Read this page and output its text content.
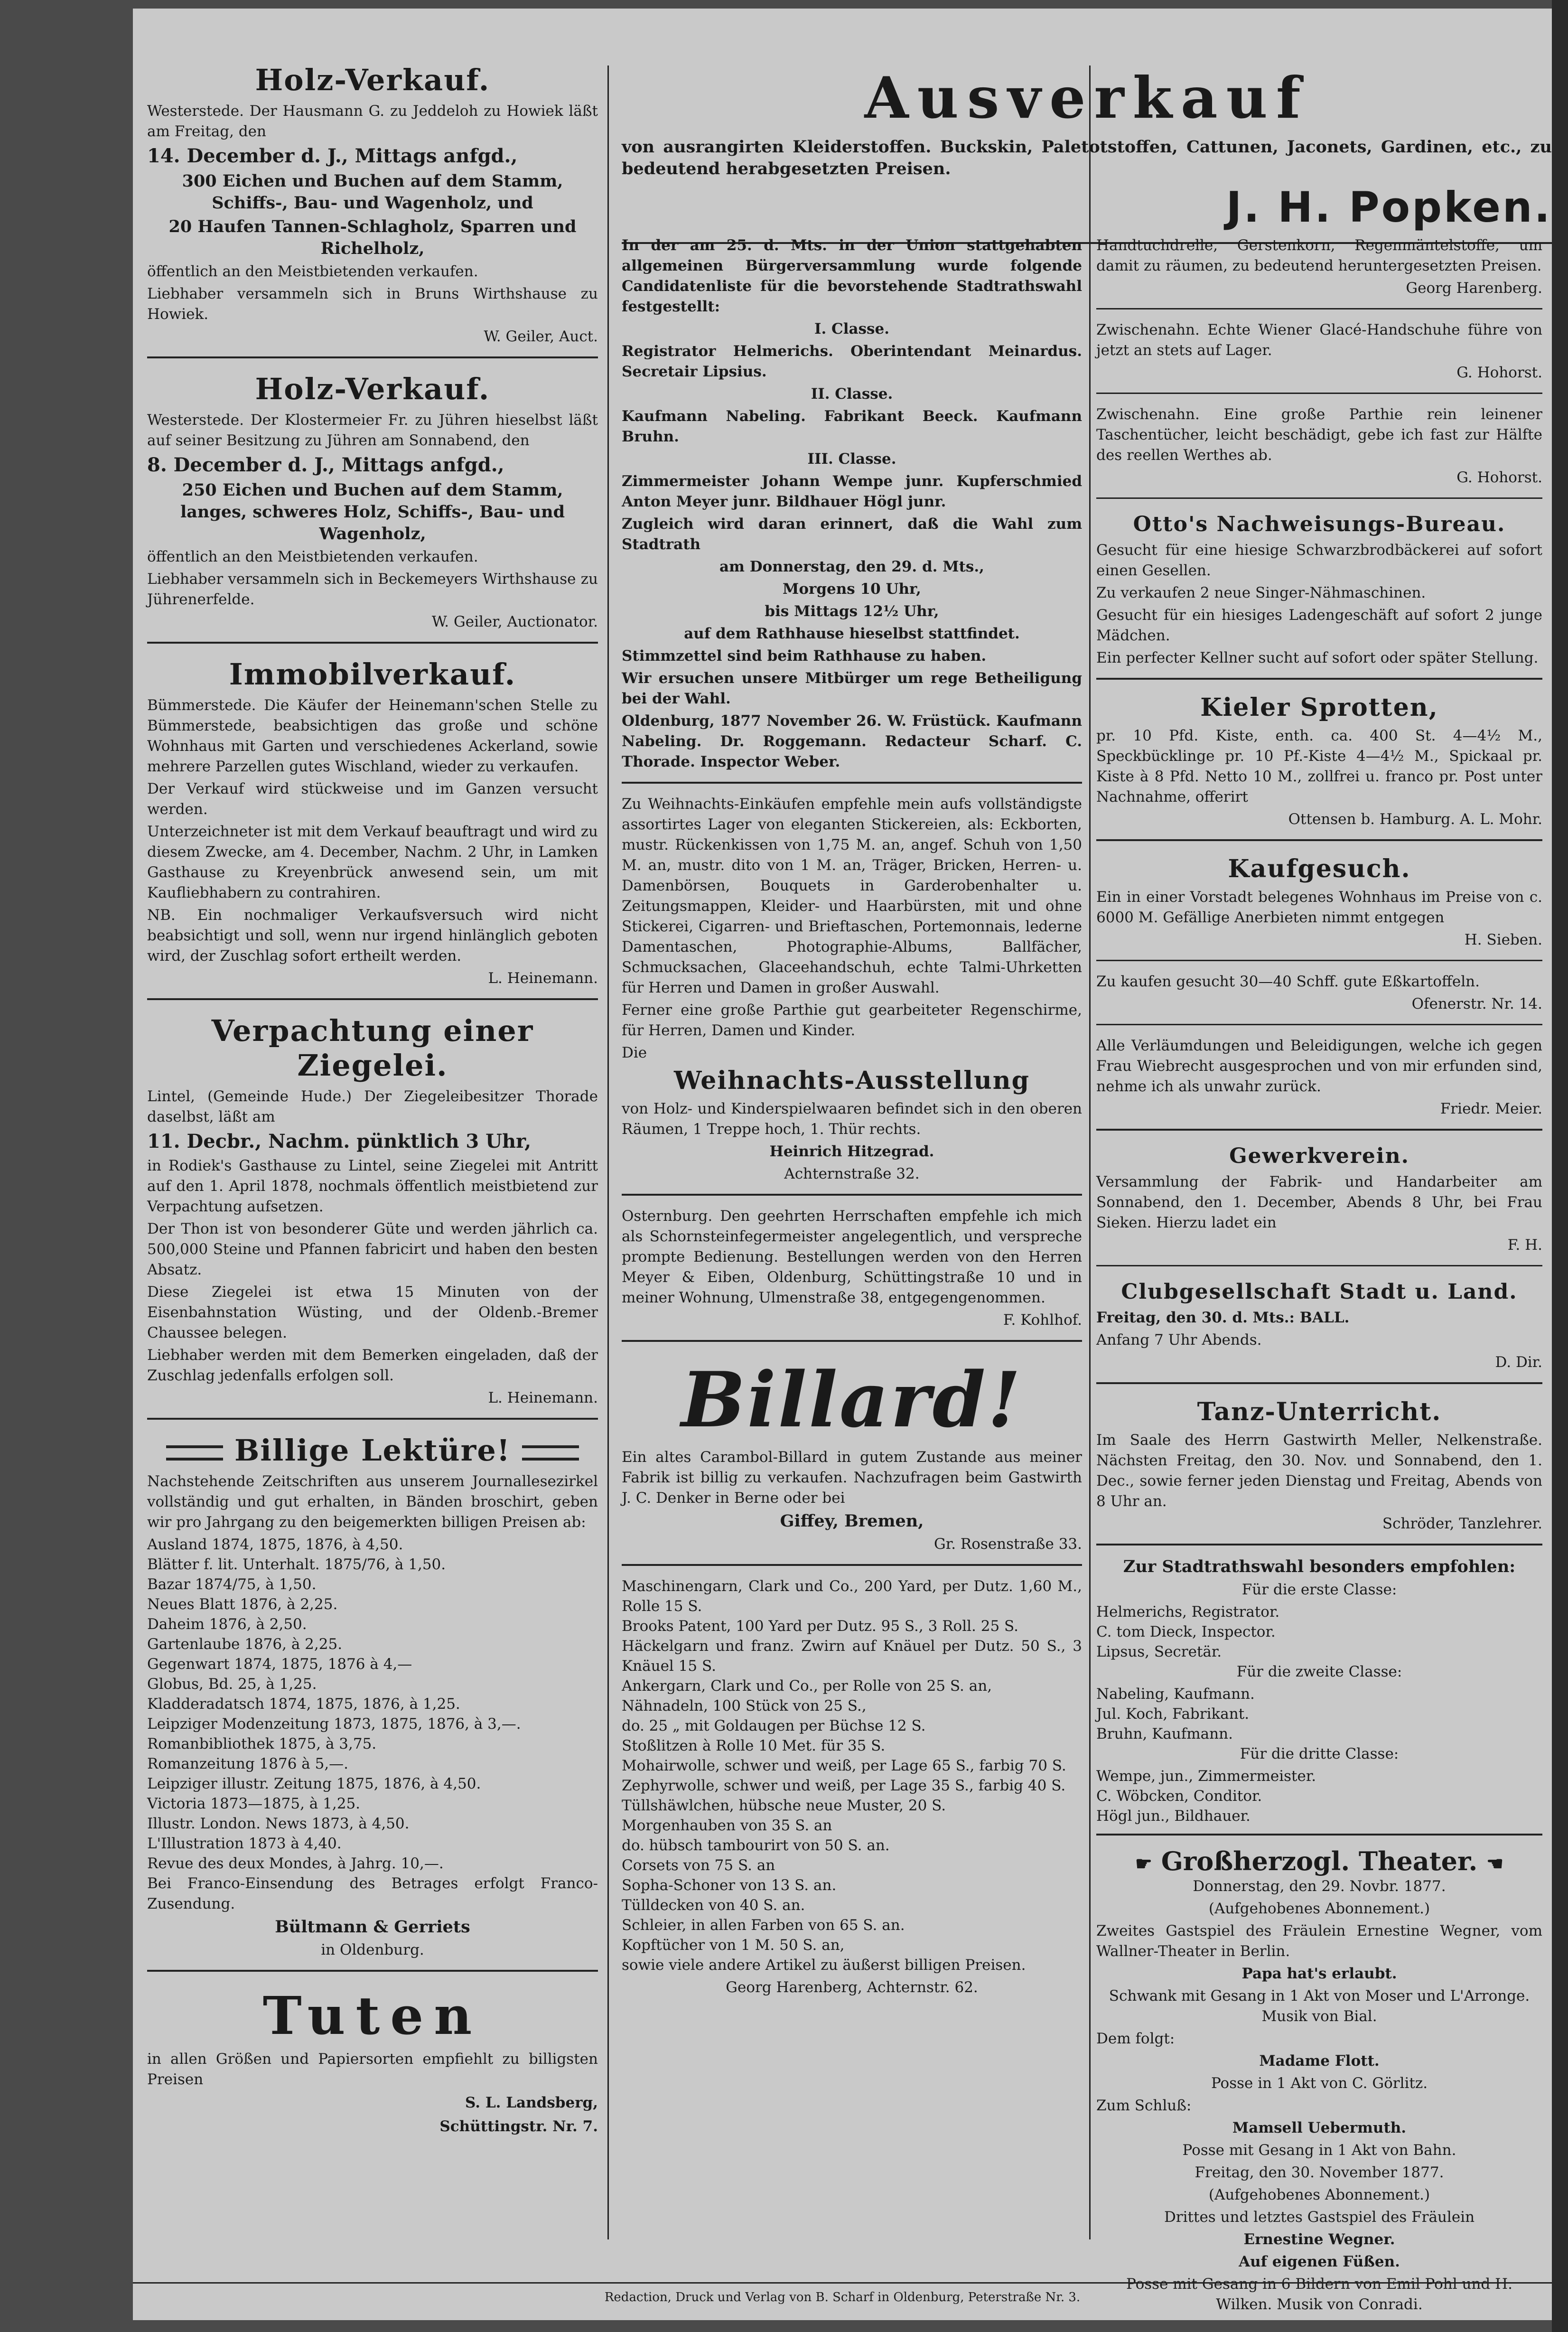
Holz-Verkauf.

Westerstede. Der Hausmann G. zu Jeddeloh zu Howiek läßt am Freitag, den

14. December d. J., Mittags anfgd.,

300 Eichen und Buchen auf dem Stamm, Schiffs-, Bau- und Wagenholz, und

20 Haufen Tannen-Schlagholz, Sparren und Richelholz,

öffentlich an den Meistbietenden verkaufen.

Liebhaber versammeln sich in Bruns Wirthshause zu Howiek.

W. Geiler, Auct.

Holz-Verkauf.

Westerstede. Der Klostermeier Fr. zu Jühren hieselbst läßt auf seiner Besitzung zu Jühren am Sonnabend, den

8. December d. J., Mittags anfgd.,

250 Eichen und Buchen auf dem Stamm, langes, schweres Holz, Schiffs-, Bau- und Wagenholz,

öffentlich an den Meistbietenden verkaufen.

Liebhaber versammeln sich in Beckemeyers Wirthshause zu Jührenerfelde.

W. Geiler, Auctionator.

Immobilverkauf.

Bümmerstede. Die Käufer der Heinemann'schen Stelle zu Bümmerstede, beabsichtigen das große und schöne Wohnhaus mit Garten und verschiedenes Ackerland, sowie mehrere Parzellen gutes Wischland, wieder zu verkaufen.

Der Verkauf wird stückweise und im Ganzen versucht werden.

Unterzeichneter ist mit dem Verkauf beauftragt und wird zu diesem Zwecke, am 4. December, Nachm. 2 Uhr, in Lamken Gasthause zu Kreyenbrück anwesend sein, um mit Kaufliebhabern zu contrahiren.

NB. Ein nochmaliger Verkaufsversuch wird nicht beabsichtigt und soll, wenn nur irgend hinlänglich geboten wird, der Zuschlag sofort ertheilt werden.

L. Heinemann.

Verpachtung einer Ziegelei.

Lintel, (Gemeinde Hude.) Der Ziegeleibesitzer Thorade daselbst, läßt am

11. Decbr., Nachm. pünktlich 3 Uhr,

in Rodiek's Gasthause zu Lintel, seine Ziegelei mit Antritt auf den 1. April 1878, nochmals öffentlich meistbietend zur Verpachtung aufsetzen.

Der Thon ist von besonderer Güte und werden jährlich ca. 500,000 Steine und Pfannen fabricirt und haben den besten Absatz.

Diese Ziegelei ist etwa 15 Minuten von der Eisenbahnstation Wüsting, und der Oldenb.-Bremer Chaussee belegen.

Liebhaber werden mit dem Bemerken eingeladen, daß der Zuschlag jedenfalls erfolgen soll.

L. Heinemann.

Billige Lektüre!

Nachstehende Zeitschriften aus unserem Journallesezirkel vollständig und gut erhalten, in Bänden broschirt, geben wir pro Jahrgang zu den beigemerkten billigen Preisen ab:

Ausland 1874, 1875, 1876, à 4,50.

Blätter f. lit. Unterhalt. 1875/76, à 1,50.

Bazar 1874/75, à 1,50.

Neues Blatt 1876, à 2,25.

Daheim 1876, à 2,50.

Gartenlaube 1876, à 2,25.

Gegenwart 1874, 1875, 1876 à 4,—

Globus, Bd. 25, à 1,25.

Kladderadatsch 1874, 1875, 1876, à 1,25.

Leipziger Modenzeitung 1873, 1875, 1876, à 3,—.

Romanbibliothek 1875, à 3,75.

Romanzeitung 1876 à 5,—.

Leipziger illustr. Zeitung 1875, 1876, à 4,50.

Victoria 1873—1875, à 1,25.

Illustr. London. News 1873, à 4,50.

L'Illustration 1873 à 4,40.

Revue des deux Mondes, à Jahrg. 10,—.

Bei Franco-Einsendung des Betrages erfolgt Franco-Zusendung.

Bültmann & Gerriets

in Oldenburg.

Tuten

in allen Größen und Papiersorten empfiehlt zu billigsten Preisen

S. L. Landsberg,

Schüttingstr. Nr. 7.

Ausverkauf

von ausrangirten Kleiderstoffen. Buckskin, Paletotstoffen, Cattunen, Jaconets, Gardinen, etc., zu bedeutend herabgesetzten Preisen.

J. H. Popken.

In der am 25. d. Mts. in der Union stattgehabten allgemeinen Bürgerversammlung wurde folgende Candidatenliste für die bevorstehende Stadtrathswahl festgestellt:

I. Classe.

Registrator Helmerichs. Oberintendant Meinardus. Secretair Lipsius.

II. Classe.

Kaufmann Nabeling. Fabrikant Beeck. Kaufmann Bruhn.

III. Classe.

Zimmermeister Johann Wempe junr. Kupferschmied Anton Meyer junr. Bildhauer Högl junr.

Zugleich wird daran erinnert, daß die Wahl zum Stadtrath

am Donnerstag, den 29. d. Mts.,

Morgens 10 Uhr,

bis Mittags 12½ Uhr,

auf dem Rathhause hieselbst stattfindet.

Stimmzettel sind beim Rathhause zu haben.

Wir ersuchen unsere Mitbürger um rege Betheiligung bei der Wahl.

Oldenburg, 1877 November 26. W. Früstück. Kaufmann Nabeling. Dr. Roggemann. Redacteur Scharf. C. Thorade. Inspector Weber.

Zu Weihnachts-Einkäufen empfehle mein aufs vollständigste assortirtes Lager von eleganten Stickereien, als: Eckborten, mustr. Rückenkissen von 1,75 M. an, angef. Schuh von 1,50 M. an, mustr. dito von 1 M. an, Träger, Bricken, Herren- u. Damenbörsen, Bouquets in Garderobenhalter u. Zeitungsmappen, Kleider- und Haarbürsten, mit und ohne Stickerei, Cigarren- und Brieftaschen, Portemonnais, lederne Damentaschen, Photographie-Albums, Ballfächer, Schmucksachen, Glaceehandschuh, echte Talmi-Uhrketten für Herren und Damen in großer Auswahl.

Ferner eine große Parthie gut gearbeiteter Regenschirme, für Herren, Damen und Kinder.

Die

Weihnachts-Ausstellung

von Holz- und Kinderspielwaaren befindet sich in den oberen Räumen, 1 Treppe hoch, 1. Thür rechts.

Heinrich Hitzegrad.

Achternstraße 32.

Osternburg. Den geehrten Herrschaften empfehle ich mich als Schornsteinfegermeister angelegentlich, und verspreche prompte Bedienung. Bestellungen werden von den Herren Meyer & Eiben, Oldenburg, Schüttingstraße 10 und in meiner Wohnung, Ulmenstraße 38, entgegengenommen.

F. Kohlhof.

Billard!

Ein altes Carambol-Billard in gutem Zustande aus meiner Fabrik ist billig zu verkaufen. Nachzufragen beim Gastwirth J. C. Denker in Berne oder bei

Giffey, Bremen,

Gr. Rosenstraße 33.

Maschinengarn, Clark und Co., 200 Yard, per Dutz. 1,60 M., Rolle 15 S.

Brooks Patent, 100 Yard per Dutz. 95 S., 3 Roll. 25 S.

Häckelgarn und franz. Zwirn auf Knäuel per Dutz. 50 S., 3 Knäuel 15 S.

Ankergarn, Clark und Co., per Rolle von 25 S. an,

Nähnadeln, 100 Stück von 25 S.,

do. 25 „ mit Goldaugen per Büchse 12 S.

Stoßlitzen à Rolle 10 Met. für 35 S.

Mohairwolle, schwer und weiß, per Lage 65 S., farbig 70 S.

Zephyrwolle, schwer und weiß, per Lage 35 S., farbig 40 S.

Tüllshäwlchen, hübsche neue Muster, 20 S.

Morgenhauben von 35 S. an

do. hübsch tambourirt von 50 S. an.

Corsets von 75 S. an

Sopha-Schoner von 13 S. an.

Tülldecken von 40 S. an.

Schleier, in allen Farben von 65 S. an.

Kopftücher von 1 M. 50 S. an,

sowie viele andere Artikel zu äußerst billigen Preisen.

Georg Harenberg, Achternstr. 62.

Handtuchdrelle, Gerstenkorn, Regenmäntelstoffe, um damit zu räumen, zu bedeutend heruntergesetzten Preisen.

Georg Harenberg.

Zwischenahn. Echte Wiener Glacé-Handschuhe führe von jetzt an stets auf Lager.

G. Hohorst.

Zwischenahn. Eine große Parthie rein leinener Taschentücher, leicht beschädigt, gebe ich fast zur Hälfte des reellen Werthes ab.

G. Hohorst.

Otto's Nachweisungs-Bureau.

Gesucht für eine hiesige Schwarzbrodbäckerei auf sofort einen Gesellen.

Zu verkaufen 2 neue Singer-Nähmaschinen.

Gesucht für ein hiesiges Ladengeschäft auf sofort 2 junge Mädchen.

Ein perfecter Kellner sucht auf sofort oder später Stellung.

Kieler Sprotten,

pr. 10 Pfd. Kiste, enth. ca. 400 St. 4—4½ M., Speckbücklinge pr. 10 Pf.-Kiste 4—4½ M., Spickaal pr. Kiste à 8 Pfd. Netto 10 M., zollfrei u. franco pr. Post unter Nachnahme, offerirt

Ottensen b. Hamburg. A. L. Mohr.

Kaufgesuch.

Ein in einer Vorstadt belegenes Wohnhaus im Preise von c. 6000 M. Gefällige Anerbieten nimmt entgegen

H. Sieben.

Zu kaufen gesucht 30—40 Schff. gute Eßkartoffeln.

Ofenerstr. Nr. 14.

Alle Verläumdungen und Beleidigungen, welche ich gegen Frau Wiebrecht ausgesprochen und von mir erfunden sind, nehme ich als unwahr zurück.

Friedr. Meier.

Gewerkverein.

Versammlung der Fabrik- und Handarbeiter am Sonnabend, den 1. December, Abends 8 Uhr, bei Frau Sieken. Hierzu ladet ein

F. H.

Clubgesellschaft Stadt u. Land.

Freitag, den 30. d. Mts.: BALL.

Anfang 7 Uhr Abends.

D. Dir.

Tanz-Unterricht.

Im Saale des Herrn Gastwirth Meller, Nelkenstraße. Nächsten Freitag, den 30. Nov. und Sonnabend, den 1. Dec., sowie ferner jeden Dienstag und Freitag, Abends von 8 Uhr an.

Schröder, Tanzlehrer.

Zur Stadtrathswahl besonders empfohlen:

Für die erste Classe:

Helmerichs, Registrator.

C. tom Dieck, Inspector.

Lipsus, Secretär.

Für die zweite Classe:

Nabeling, Kaufmann.

Jul. Koch, Fabrikant.

Bruhn, Kaufmann.

Für die dritte Classe:

Wempe, jun., Zimmermeister.

C. Wöbcken, Conditor.

Högl jun., Bildhauer.

☛ Großherzogl. Theater. ☚

Donnerstag, den 29. Novbr. 1877.

(Aufgehobenes Abonnement.)

Zweites Gastspiel des Fräulein Ernestine Wegner, vom Wallner-Theater in Berlin.

Papa hat's erlaubt.

Schwank mit Gesang in 1 Akt von Moser und L'Arronge. Musik von Bial.

Dem folgt:

Madame Flott.

Posse in 1 Akt von C. Görlitz.

Zum Schluß:

Mamsell Uebermuth.

Posse mit Gesang in 1 Akt von Bahn.

Freitag, den 30. November 1877.

(Aufgehobenes Abonnement.)

Drittes und letztes Gastspiel des Fräulein

Ernestine Wegner.

Auf eigenen Füßen.

Posse mit Gesang in 6 Bildern von Emil Pohl und H. Wilken. Musik von Conradi.

Redaction, Druck und Verlag von B. Scharf in Oldenburg, Peterstraße Nr. 3.
